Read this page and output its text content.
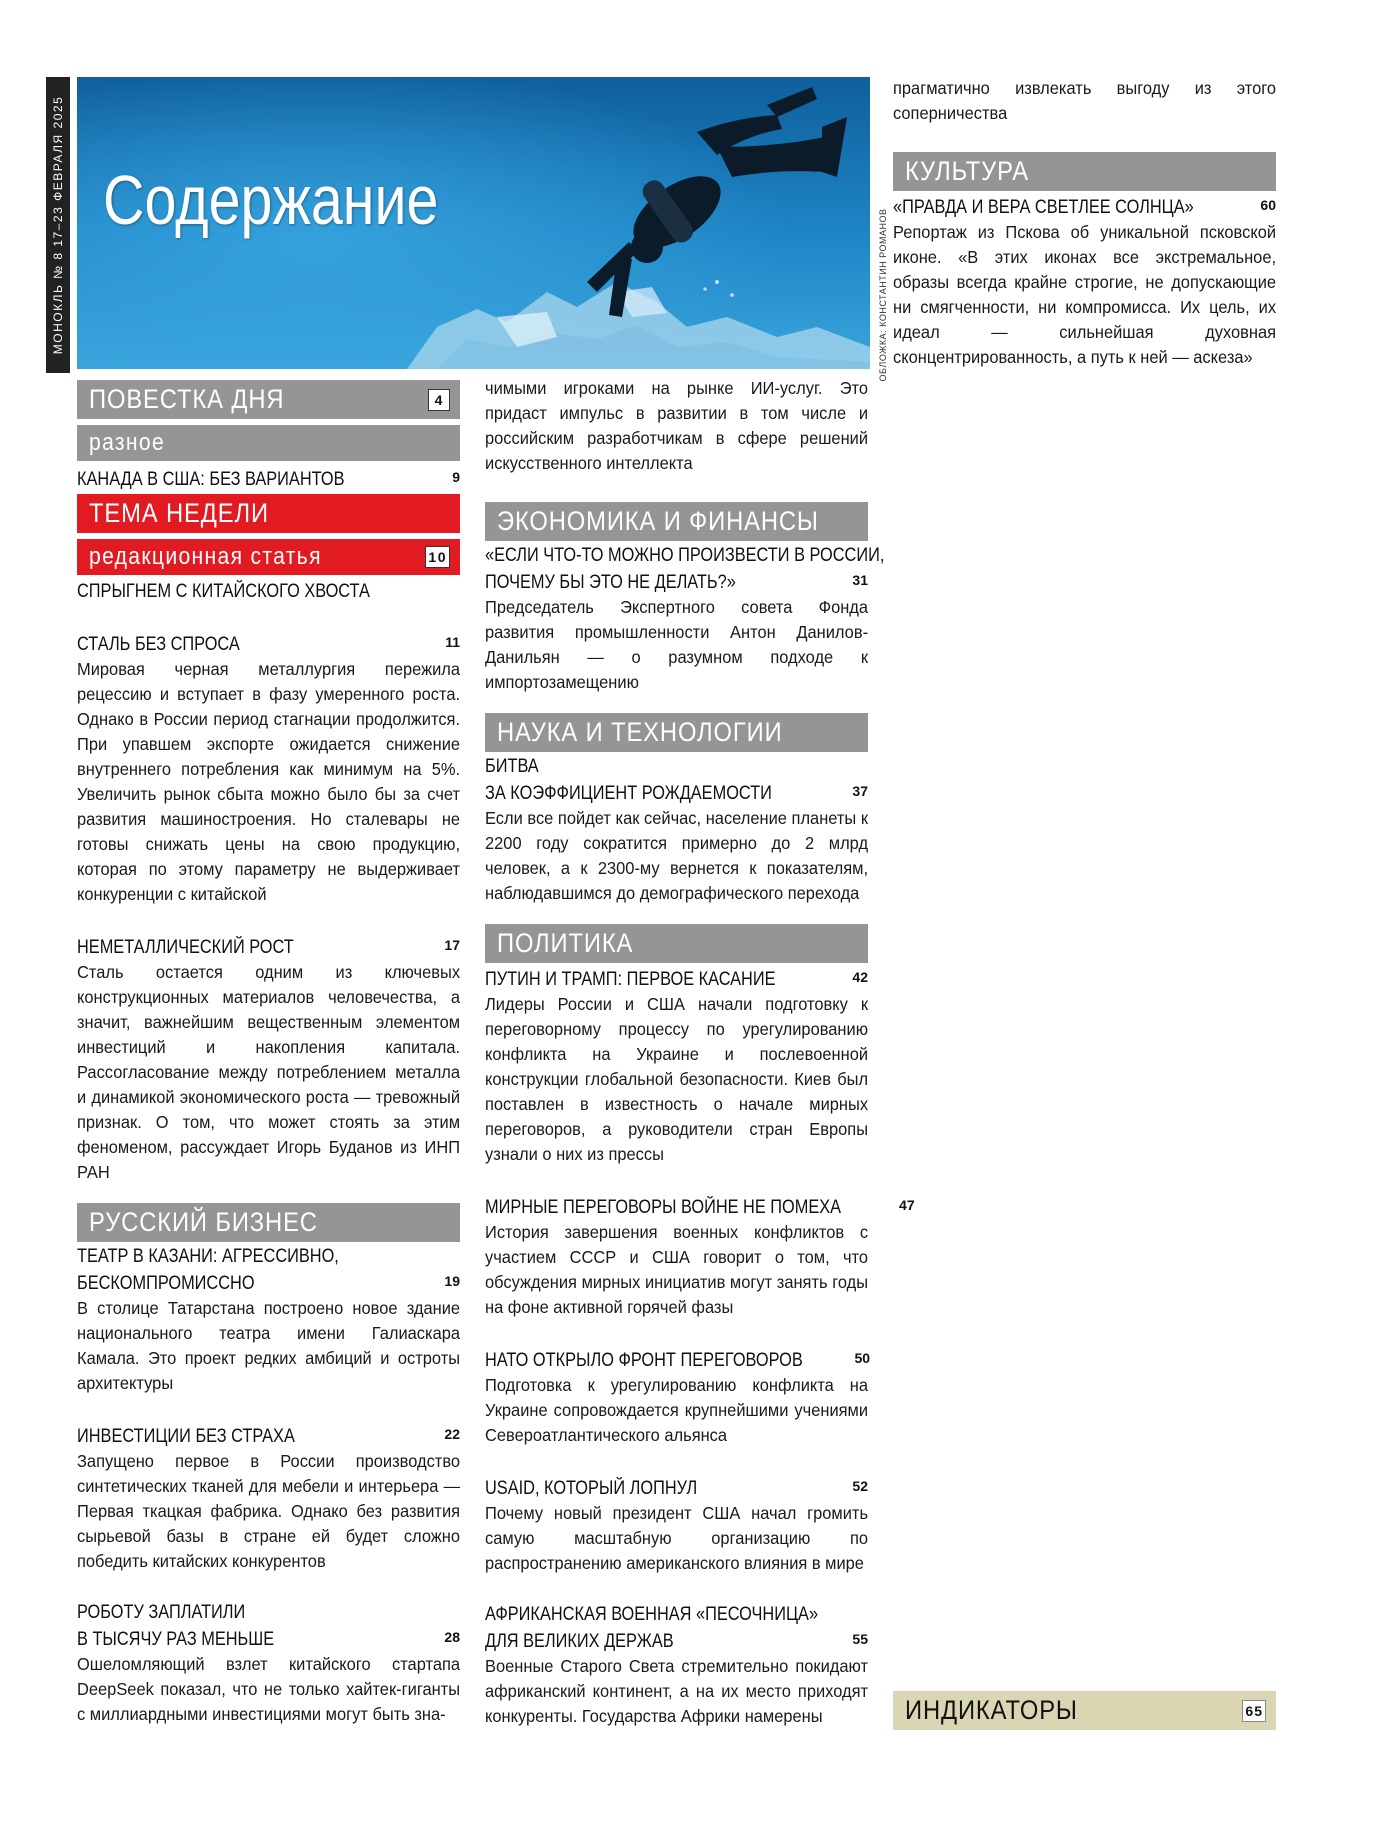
МОНОКЛЬ № 8 17–23 ФЕВРАЛЯ 2025 Содержание
ОБЛОЖКА: КОНСТАНТИН РОМАНОВ
ПОВЕСТКА ДНЯ	4
разное
КАНАДА В США: БЕЗ ВАРИАНТОВ	9
ТЕМА НЕДЕЛИ
редакционная статья	10
СПРЫГНЕМ С КИТАЙСКОГО ХВОСТА
СТАЛЬ БЕЗ СПРОСА	11
Мировая черная металлургия пережила рецессию и вступает в фазу умеренного роста. Однако в России период стагнации продолжится. При упавшем экспорте ожидается снижение внутреннего потребления как минимум на 5%. Увеличить рынок сбыта можно было бы за счет развития машиностроения. Но сталевары не готовы снижать цены на свою продукцию, которая по этому параметру не выдерживает конкуренции с китайской
НЕМЕТАЛЛИЧЕСКИЙ РОСТ	17
Сталь остается одним из ключевых конструкционных материалов человечества, а значит, важнейшим вещественным элементом инвестиций и накопления капитала. Рассогласование между потреблением металла и динамикой экономического роста — тревожный признак. О том, что может стоять за этим феноменом, рассуждает Игорь Буданов из ИНП РАН
РУССКИЙ БИЗНЕС
ТЕАТР В КАЗАНИ: АГРЕССИВНО,
БЕСКОМПРОМИССНО	19
В столице Татарстана построено новое здание национального театра имени Галиаскара Камала. Это проект редких амбиций и остроты архитектуры
ИНВЕСТИЦИИ БЕЗ СТРАХА	22
Запущено первое в России производство синтетических тканей для мебели и интерьера — Первая ткацкая фабрика. Однако без развития сырьевой базы в стране ей будет сложно победить китайских конкурентов
РОБОТУ ЗАПЛАТИЛИ
В ТЫСЯЧУ РАЗ МЕНЬШЕ	28
Ошеломляющий взлет китайского стартапа DeepSeek показал, что не только хайтек-гиганты с миллиардными инвестициями могут быть зна-
чимыми игроками на рынке ИИ-услуг. Это придаст импульс в развитии в том числе и российским разработчикам в сфере решений искусственного интеллекта
ЭКОНОМИКА И ФИНАНСЫ
«ЕСЛИ ЧТО-ТО МОЖНО ПРОИЗВЕСТИ В РОССИИ,
ПОЧЕМУ БЫ ЭТО НЕ ДЕЛАТЬ?»	31
Председатель Экспертного совета Фонда развития промышленности Антон Данилов-Данильян — о разумном подходе к импортозамещению
НАУКА И ТЕХНОЛОГИИ
БИТВА
ЗА КОЭФФИЦИЕНТ РОЖДАЕМОСТИ	37
Если все пойдет как сейчас, население планеты к 2200 году сократится примерно до 2 млрд человек, а к 2300-му вернется к показателям, наблюдавшимся до демографического перехода
ПОЛИТИКА
ПУТИН И ТРАМП: ПЕРВОЕ КАСАНИЕ	42
Лидеры России и США начали подготовку к переговорному процессу по урегулированию конфликта на Украине и послевоенной конструкции глобальной безопасности. Киев был поставлен в известность о начале мирных переговоров, а руководители стран Европы узнали о них из прессы
МИРНЫЕ ПЕРЕГОВОРЫ ВОЙНЕ НЕ ПОМЕХА	47
История завершения военных конфликтов с участием СССР и США говорит о том, что обсуждения мирных инициатив могут занять годы на фоне активной горячей фазы
НАТО ОТКРЫЛО ФРОНТ ПЕРЕГОВОРОВ	50
Подготовка к урегулированию конфликта на Украине сопровождается крупнейшими учениями Североатлантического альянса
USAID, КОТОРЫЙ ЛОПНУЛ	52
Почему новый президент США начал громить самую масштабную организацию по распространению американского влияния в мире
АФРИКАНСКАЯ ВОЕННАЯ «ПЕСОЧНИЦА»
ДЛЯ ВЕЛИКИХ ДЕРЖАВ	55
Военные Старого Света стремительно покидают африканский континент, а на их место приходят конкуренты. Государства Африки намерены
прагматично извлекать выгоду из этого соперничества
КУЛЬТУРА
«ПРАВДА И ВЕРА СВЕТЛЕЕ СОЛНЦА»	60
Репортаж из Пскова об уникальной псковской иконе. «В этих иконах все экстремальное, образы всегда крайне строгие, не допускающие ни смягченности, ни компромисса. Их цель, их идеал — сильнейшая духовная сконцентрированность, а путь к ней — аскеза»
ИНДИКАТОРЫ	65
